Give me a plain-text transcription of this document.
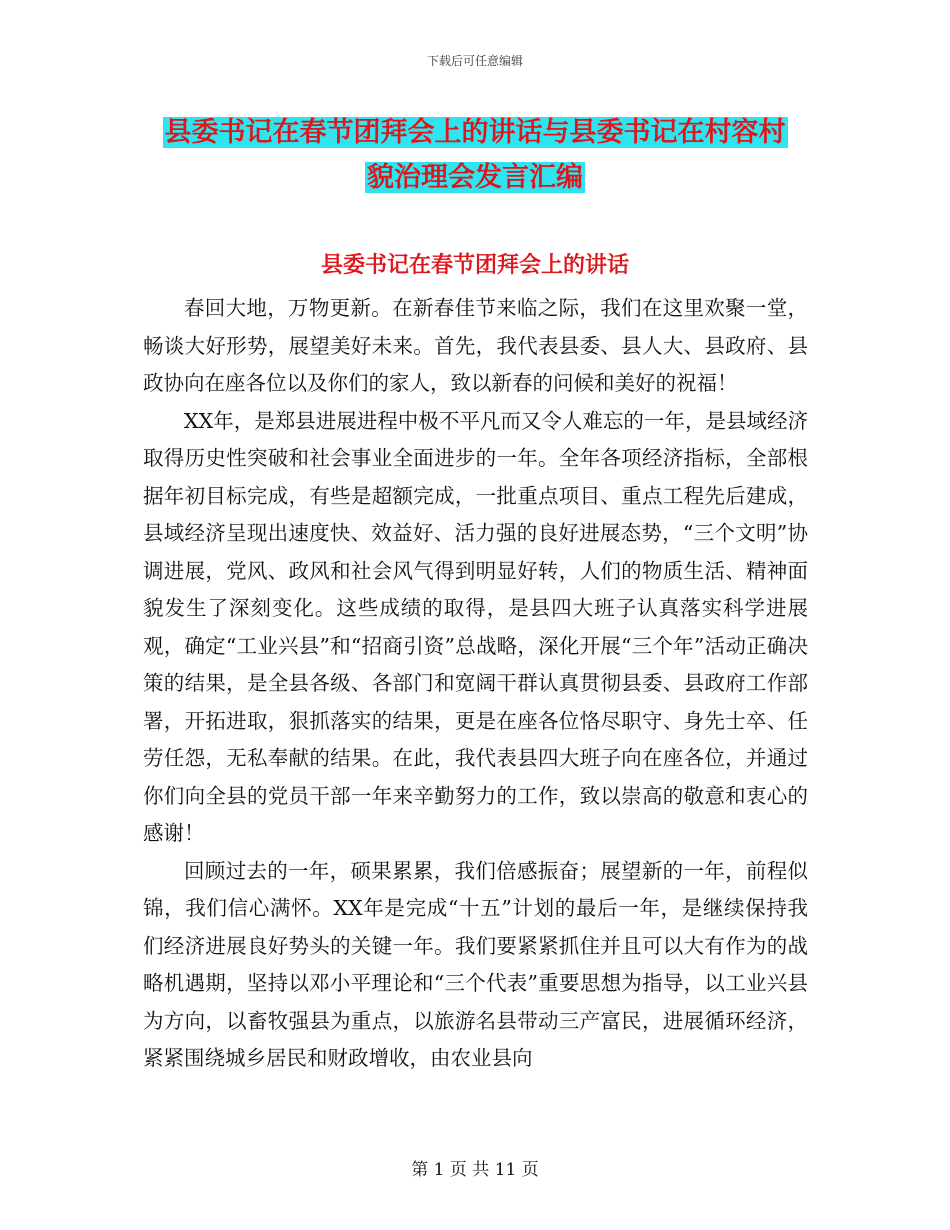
下载后可任意编辑
县委书记在春节团拜会上的讲话与县委书记在村容村
貌治理会发言汇编
县委书记在春节团拜会上的讲话

春回大地，万物更新。在新春佳节来临之际，我们在这里欢聚一堂，畅谈大好形势，展望美好未来。首先，我代表县委、县人大、县政府、县政协向在座各位以及你们的家人，致以新春的问候和美好的祝福！

XX年，是郑县进展进程中极不平凡而又令人难忘的一年，是县域经济取得历史性突破和社会事业全面进步的一年。全年各项经济指标，全部根据年初目标完成，有些是超额完成，一批重点项目、重点工程先后建成，县域经济呈现出速度快、效益好、活力强的良好进展态势，“三个文明”协调进展，党风、政风和社会风气得到明显好转，人们的物质生活、精神面貌发生了深刻变化。这些成绩的取得，是县四大班子认真落实科学进展观，确定“工业兴县”和“招商引资”总战略，深化开展“三个年”活动正确决策的结果，是全县各级、各部门和宽阔干群认真贯彻县委、县政府工作部署，开拓进取，狠抓落实的结果，更是在座各位恪尽职守、身先士卒、任劳任怨，无私奉献的结果。在此，我代表县四大班子向在座各位，并通过你们向全县的党员干部一年来辛勤努力的工作，致以崇高的敬意和衷心的感谢！

回顾过去的一年，硕果累累，我们倍感振奋；展望新的一年，前程似锦，我们信心满怀。XX年是完成“十五”计划的最后一年，是继续保持我们经济进展良好势头的关键一年。我们要紧紧抓住并且可以大有作为的战略机遇期，坚持以邓小平理论和“三个代表”重要思想为指导，以工业兴县为方向，以畜牧强县为重点，以旅游名县带动三产富民，进展循环经济，紧紧围绕城乡居民和财政增收，由农业县向

第 1 页 共 11 页
